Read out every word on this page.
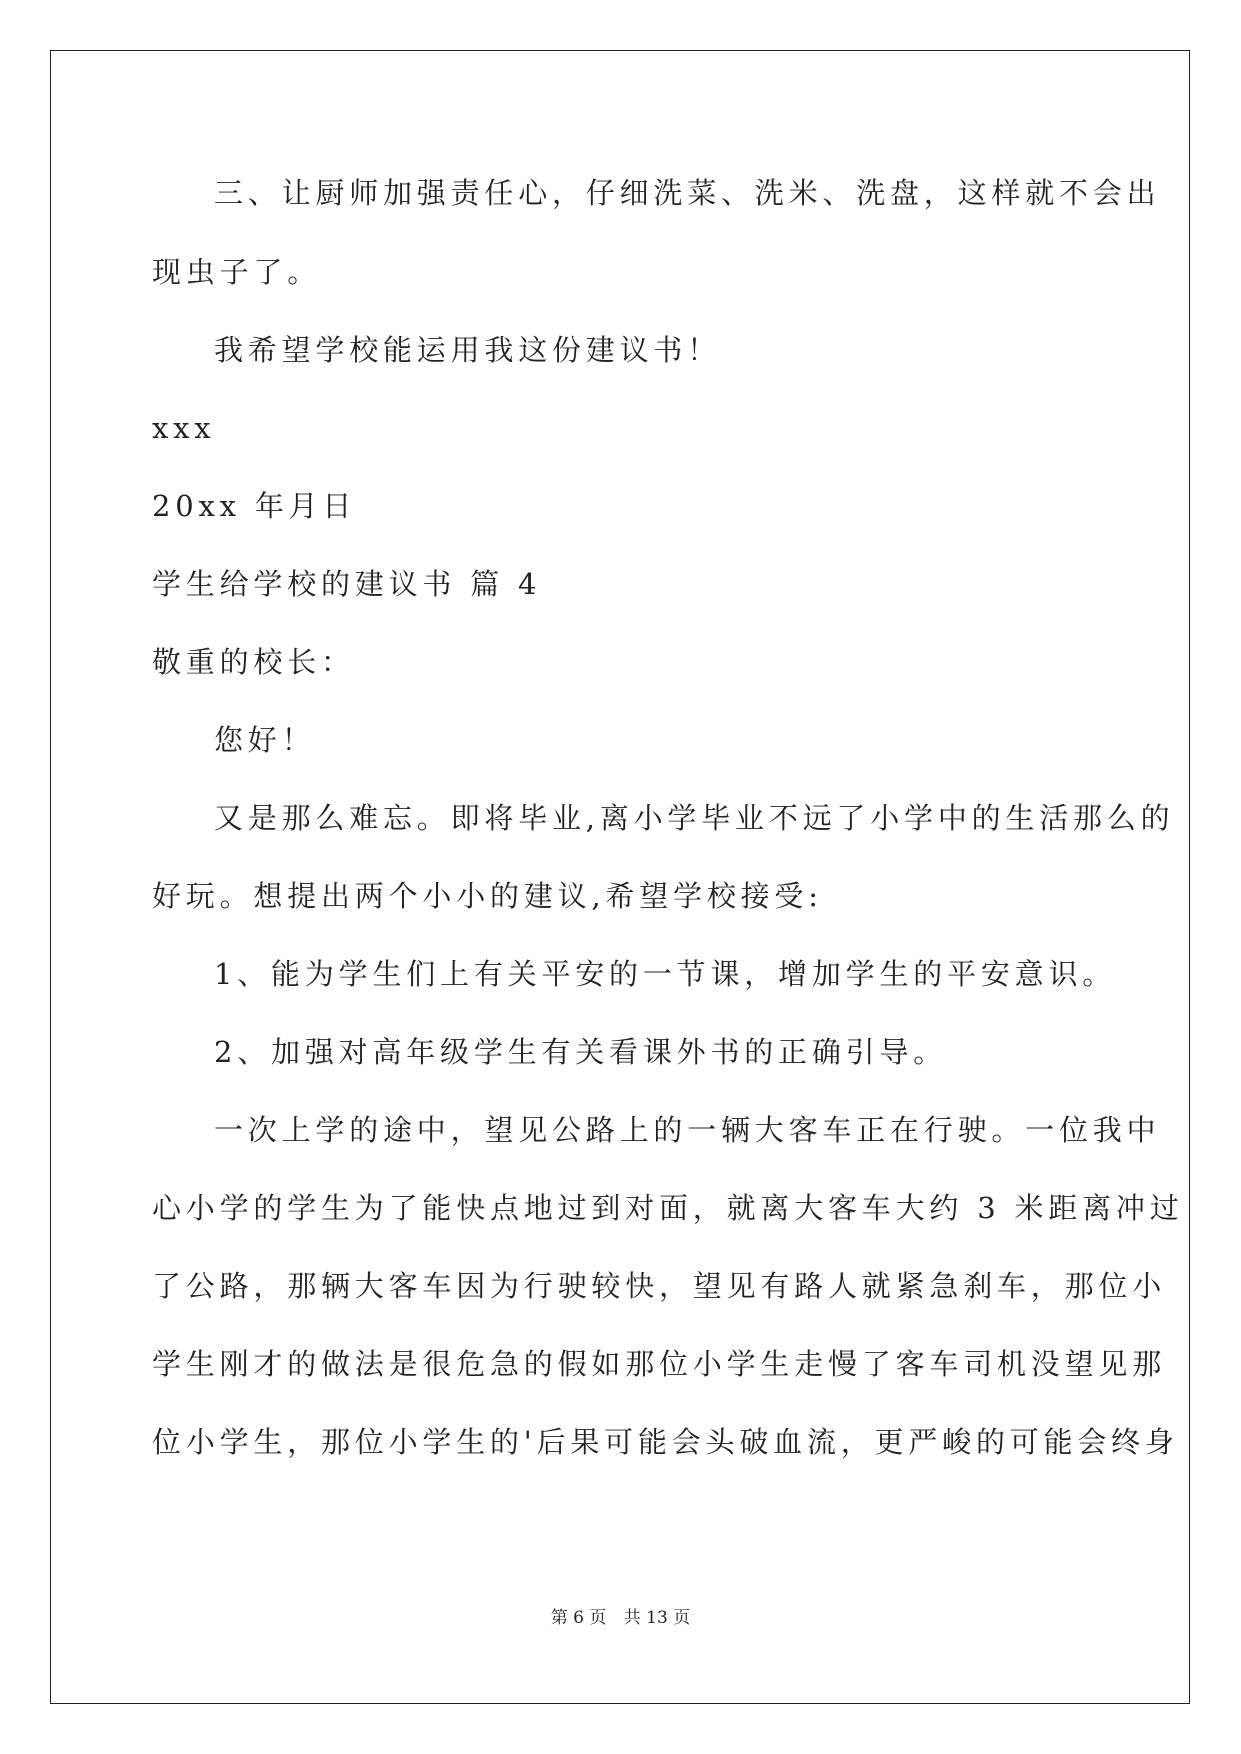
三、让厨师加强责任心，仔细洗菜、洗米、洗盘，这样就不会出
现虫子了。
我希望学校能运用我这份建议书！
xxx
20xx 年月日
学生给学校的建议书 篇 4
敬重的校长：
您好！
又是那么难忘。即将毕业,离小学毕业不远了小学中的生活那么的
好玩。想提出两个小小的建议,希望学校接受:
1、能为学生们上有关平安的一节课，增加学生的平安意识。
2、加强对高年级学生有关看课外书的正确引导。
一次上学的途中，望见公路上的一辆大客车正在行驶。一位我中
心小学的学生为了能快点地过到对面，就离大客车大约 3 米距离冲过
了公路，那辆大客车因为行驶较快，望见有路人就紧急刹车，那位小
学生刚才的做法是很危急的假如那位小学生走慢了客车司机没望见那
位小学生，那位小学生的'后果可能会头破血流，更严峻的可能会终身
第 6 页 共 13 页
